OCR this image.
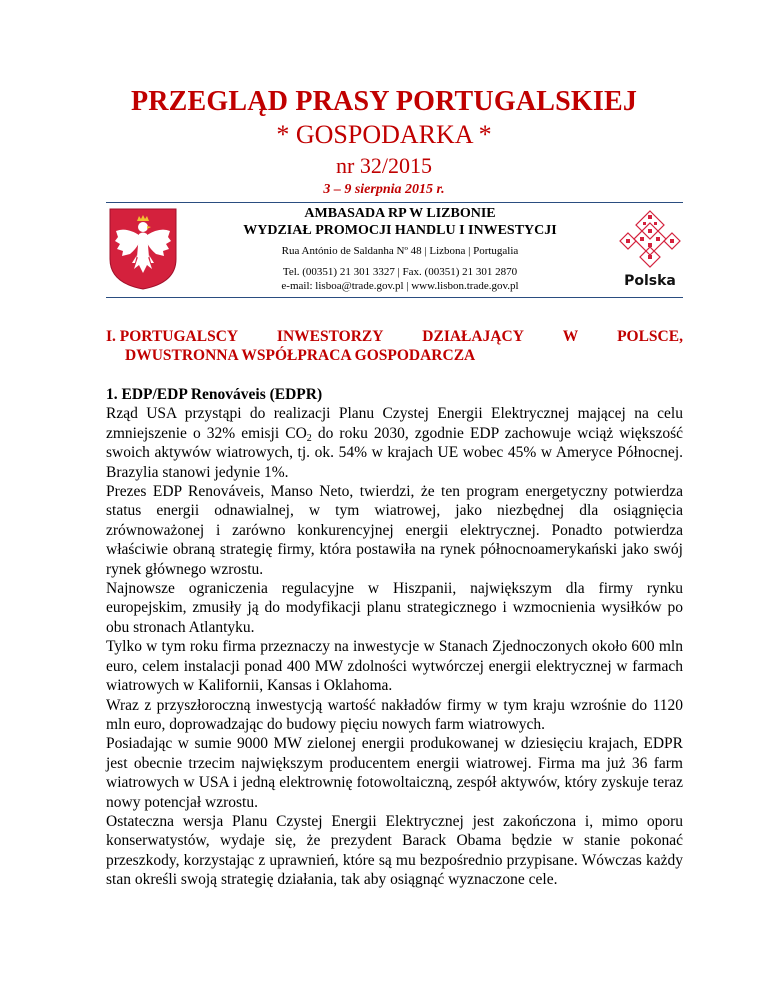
PRZEGLĄD PRASY PORTUGALSKIEJ
* GOSPODARKA *
nr 32/2015
3 – 9 sierpnia 2015 r.
AMBASADA RP W LIZBONIE
WYDZIAŁ PROMOCJI HANDLU I INWESTYCJI
Rua António de Saldanha Nº 48 | Lizbona | Portugalia
Tel. (00351) 21 301 3327 | Fax. (00351) 21 301 2870
e-mail: lisboa@trade.gov.pl | www.lisbon.trade.gov.pl	Polska
I. PORTUGALSCY	INWESTORZY	DZIAŁAJĄCY	W	POLSCE,
DWUSTRONNA WSPÓŁPRACA GOSPODARCZA
1. EDP/EDP Renováveis (EDPR)

Rząd USA przystąpi do realizacji Planu Czystej Energii Elektrycznej mającej na celu zmniejszenie o 32% emisji $CO_2$ do roku 2030, zgodnie EDP zachowuje wciąż większość swoich aktywów wiatrowych, tj. ok. 54% w krajach UE wobec 45% w Ameryce Północnej. Brazylia stanowi jedynie 1%.

Prezes EDP Renováveis, Manso Neto, twierdzi, że ten program energetyczny potwierdza status energii odnawialnej, w tym wiatrowej, jako niezbędnej dla osiągnięcia zrównoważonej i zarówno konkurencyjnej energii elektrycznej. Ponadto potwierdza właściwie obraną strategię firmy, która postawiła na rynek północnoamerykański jako swój rynek głównego wzrostu.

Najnowsze ograniczenia regulacyjne w Hiszpanii, największym dla firmy rynku europejskim, zmusiły ją do modyfikacji planu strategicznego i wzmocnienia wysiłków po obu stronach Atlantyku.

Tylko w tym roku firma przeznaczy na inwestycje w Stanach Zjednoczonych około 600 mln euro, celem instalacji ponad 400 MW zdolności wytwórczej energii elektrycznej w farmach wiatrowych w Kalifornii, Kansas i Oklahoma.

Wraz z przyszłoroczną inwestycją wartość nakładów firmy w tym kraju wzrośnie do 1120 mln euro, doprowadzając do budowy pięciu nowych farm wiatrowych.

Posiadając w sumie 9000 MW zielonej energii produkowanej w dziesięciu krajach, EDPR jest obecnie trzecim największym producentem energii wiatrowej. Firma ma już 36 farm wiatrowych w USA i jedną elektrownię fotowoltaiczną, zespół aktywów, który zyskuje teraz nowy potencjał wzrostu.

Ostateczna wersja Planu Czystej Energii Elektrycznej jest zakończona i, mimo oporu konserwatystów, wydaje się, że prezydent Barack Obama będzie w stanie pokonać przeszkody, korzystając z uprawnień, które są mu bezpośrednio przypisane. Wówczas każdy stan określi swoją strategię działania, tak aby osiągnąć wyznaczone cele.
